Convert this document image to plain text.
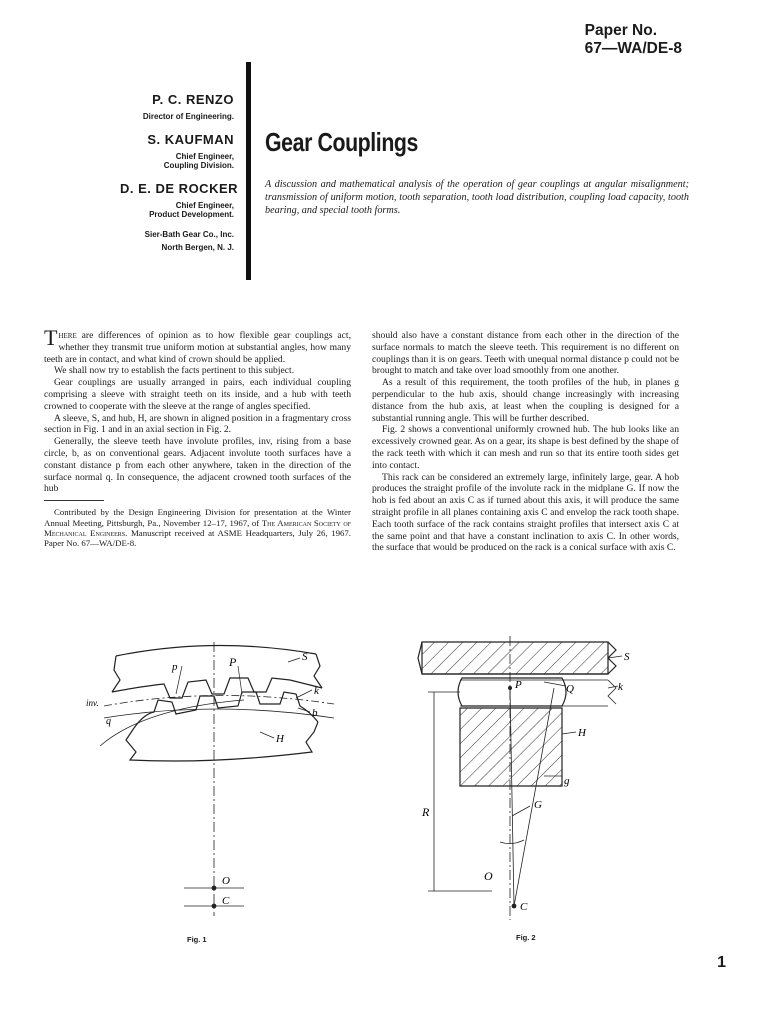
Paper No.
67—WA/DE-8
P. C. RENZO
Director of Engineering.
S. KAUFMAN
Chief Engineer,
Coupling Division.
D. E. DE ROCKER
Chief Engineer,
Product Development.
Sier-Bath Gear Co., Inc.
North Bergen, N. J.
Gear Couplings
A discussion and mathematical analysis of the operation of gear couplings at angular misalignment; transmission of uniform motion, tooth separation, tooth load distribution, coupling load capacity, tooth bearing, and special tooth forms.

There are differences of opinion as to how flexible gear couplings act, whether they transmit true uniform motion at substantial angles, how many teeth are in contact, and what kind of crown should be applied.

We shall now try to establish the facts pertinent to this subject.

Gear couplings are usually arranged in pairs, each individual coupling comprising a sleeve with straight teeth on its inside, and a hub with teeth crowned to cooperate with the sleeve at the range of angles specified.

A sleeve, S, and hub, H, are shown in aligned position in a fragmentary cross section in Fig. 1 and in an axial section in Fig. 2.

Generally, the sleeve teeth have involute profiles, inv, rising from a base circle, b, as on conventional gears. Adjacent involute tooth surfaces have a constant distance p from each other anywhere, taken in the direction of the surface normal q. In consequence, the adjacent crowned tooth surfaces of the hub

Contributed by the Design Engineering Division for presentation at the Winter Annual Meeting, Pittsburgh, Pa., November 12–17, 1967, of The American Society of Mechanical Engineers. Manuscript received at ASME Headquarters, July 26, 1967. Paper No. 67—WA/DE-8.

should also have a constant distance from each other in the direction of the surface normals to match the sleeve teeth. This requirement is no different on couplings than it is on gears. Teeth with unequal normal distance p could not be brought to match and take over load smoothly from one another.

As a result of this requirement, the tooth profiles of the hub, in planes g perpendicular to the hub axis, should change increasingly with increasing distance from the hub axis, at least when the coupling is designed for a substantial running angle. This will be further described.

Fig. 2 shows a conventional uniformly crowned hub. The hub looks like an excessively crowned gear. As on a gear, its shape is best defined by the shape of the rack teeth with which it can mesh and run so that its entire tooth sides get into contact.

This rack can be considered an extremely large, infinitely large, gear. A hob produces the straight profile of the involute rack in the midplane G. If now the hob is fed about an axis C as if turned about this axis, it will produce the same straight profile in all planes containing axis C and envelop the rack tooth shape. Each tooth surface of the rack contains straight profiles that intersect axis C at the same point and that have a constant inclination to axis C. In other words, the surface that would be produced on the rack is a conical surface with axis C.

p	P	S
k
inv.
q
b
H
O
C
Fig. 1
S
P	Q	k
H
g
R	G
O
C
Fig. 2
1
